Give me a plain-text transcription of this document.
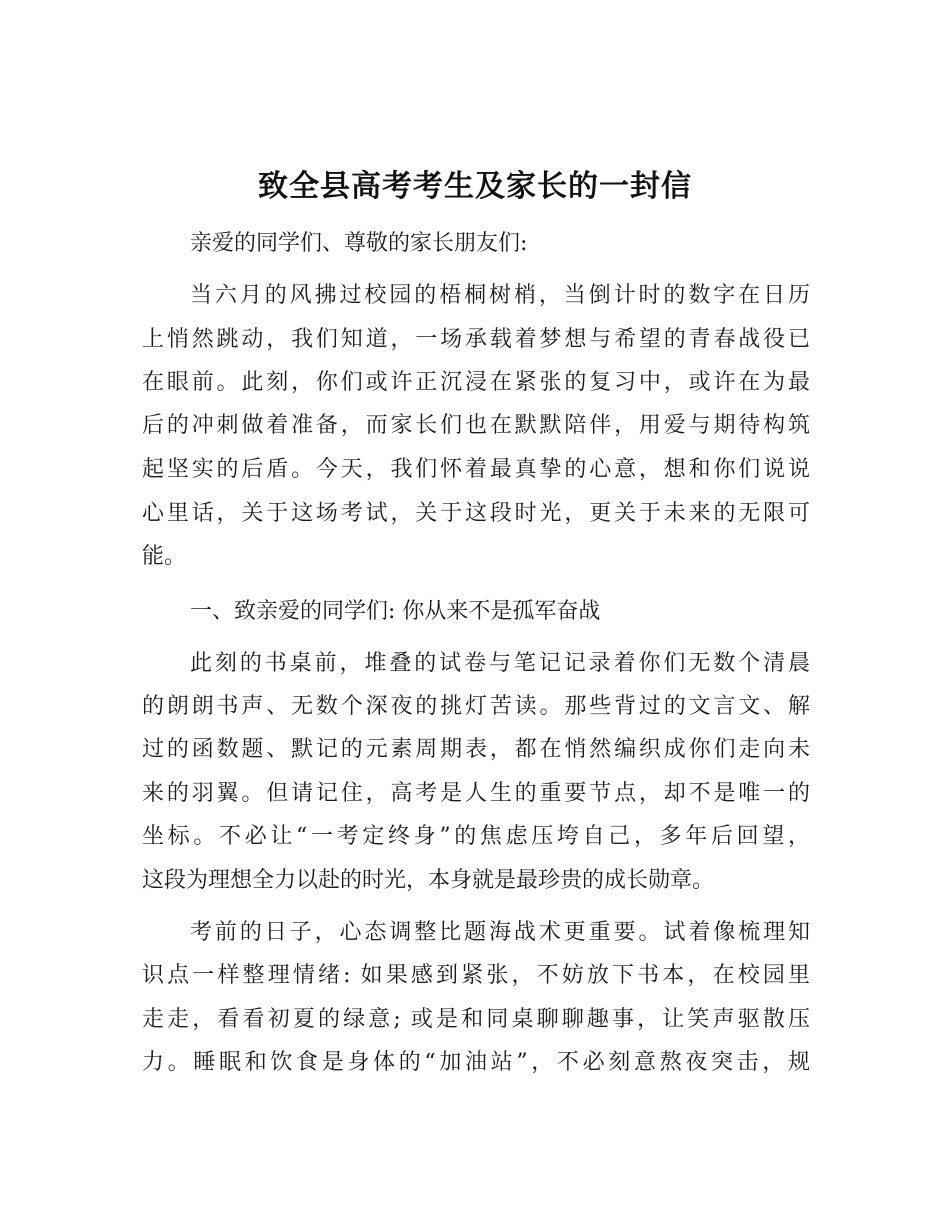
致全县高考考生及家长的一封信
亲爱的同学们、尊敬的家长朋友们:
当六月的风拂过校园的梧桐树梢，当倒计时的数字在日历
上悄然跳动，我们知道，一场承载着梦想与希望的青春战役已
在眼前。此刻，你们或许正沉浸在紧张的复习中，或许在为最
后的冲刺做着准备，而家长们也在默默陪伴，用爱与期待构筑
起坚实的后盾。今天，我们怀着最真挚的心意，想和你们说说
心里话，关于这场考试，关于这段时光，更关于未来的无限可
能。
一、致亲爱的同学们: 你从来不是孤军奋战
此刻的书桌前，堆叠的试卷与笔记记录着你们无数个清晨
的朗朗书声、无数个深夜的挑灯苦读。那些背过的文言文、解
过的函数题、默记的元素周期表，都在悄然编织成你们走向未
来的羽翼。但请记住，高考是人生的重要节点，却不是唯一的
坐标。不必让“一考定终身”的焦虑压垮自己，多年后回望，
这段为理想全力以赴的时光，本身就是最珍贵的成长勋章。
考前的日子，心态调整比题海战术更重要。试着像梳理知
识点一样整理情绪: 如果感到紧张，不妨放下书本，在校园里
走走，看看初夏的绿意; 或是和同桌聊聊趣事，让笑声驱散压
力。睡眠和饮食是身体的“加油站”，不必刻意熬夜突击，规
